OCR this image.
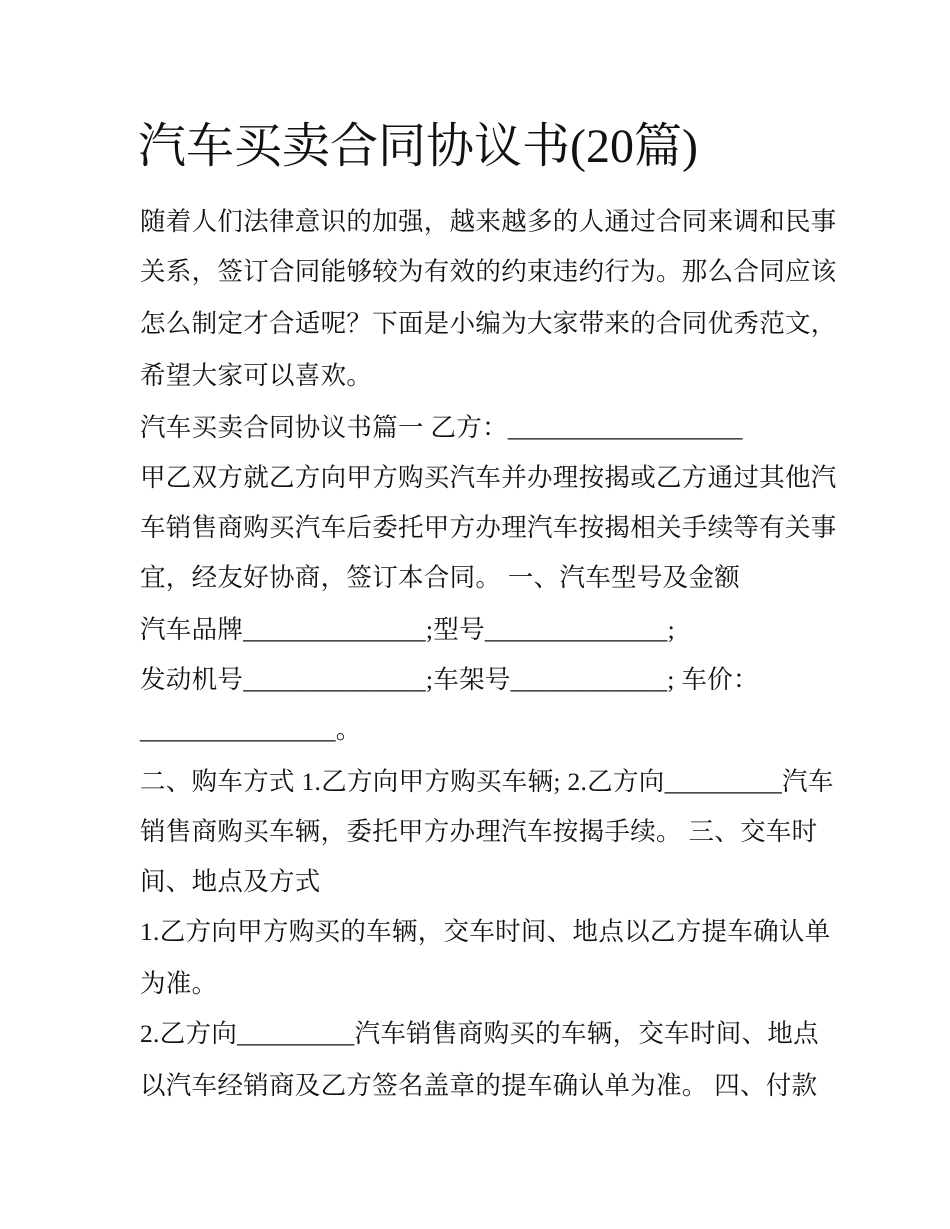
汽车买卖合同协议书(20篇)
随着人们法律意识的加强，越来越多的人通过合同来调和民事
关系，签订合同能够较为有效的约束违约行为。那么合同应该
怎么制定才合适呢？下面是小编为大家带来的合同优秀范文，
希望大家可以喜欢。
汽车买卖合同协议书篇一 乙方：__________________
甲乙双方就乙方向甲方购买汽车并办理按揭或乙方通过其他汽
车销售商购买汽车后委托甲方办理汽车按揭相关手续等有关事
宜，经友好协商，签订本合同。 一、汽车型号及金额
汽车品牌______________;型号______________;
发动机号______________;车架号____________; 车价：
_______________。
二、购车方式 1.乙方向甲方购买车辆; 2.乙方向_________汽车
销售商购买车辆，委托甲方办理汽车按揭手续。 三、交车时
间、地点及方式
1.乙方向甲方购买的车辆，交车时间、地点以乙方提车确认单
为准。
2.乙方向_________汽车销售商购买的车辆，交车时间、地点
以汽车经销商及乙方签名盖章的提车确认单为准。 四、付款
